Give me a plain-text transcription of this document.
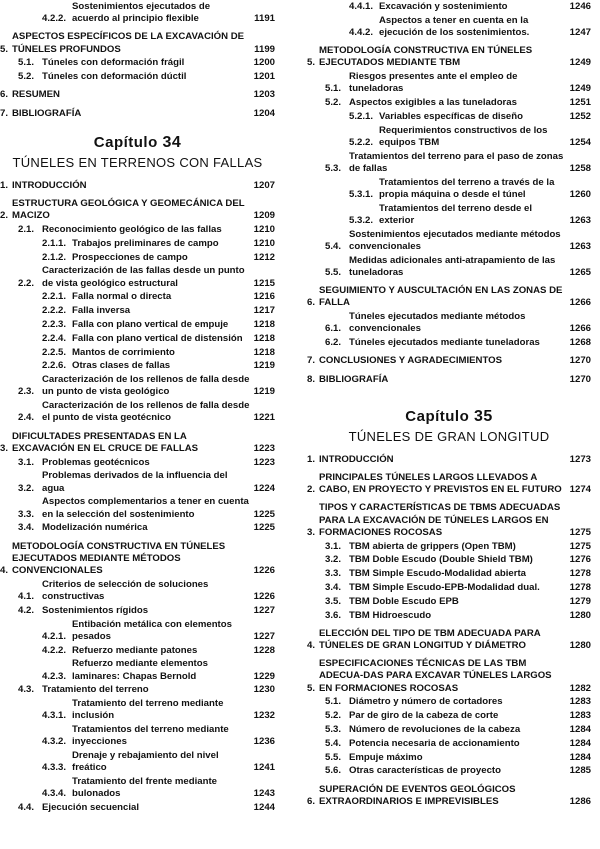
4.2.2.
Sostenimientos ejecutados de acuerdo al principio flexible	1191
5.
ASPECTOS ESPECÍFICOS DE LA EXCAVACIÓN DE TÚNELES PROFUNDOS	1199
5.1. Túneles con deformación frágil	1200
5.2. Túneles con deformación dúctil	1201
6. RESUMEN	1203
7. BIBLIOGRAFÍA	1204
Capítulo 34
TÚNELES EN TERRENOS CON FALLAS
1. INTRODUCCIÓN	1207
2.
ESTRUCTURA GEOLÓGICA Y GEOMECÁNICA DEL MACIZO	1209
2.1. Reconocimiento geológico de las fallas	1210
2.1.1. Trabajos preliminares de campo	1210
2.1.2. Prospecciones de campo	1212
2.2.
Caracterización de las fallas desde un punto de vista geológico estructural	1215
2.2.1. Falla normal o directa	1216
2.2.2. Falla inversa	1217
2.2.3. Falla con plano vertical de empuje	1218
2.2.4. Falla con plano vertical de distensión	1218
2.2.5. Mantos de corrimiento	1218
2.2.6. Otras clases de fallas	1219
2.3.
Caracterización de los rellenos de falla desde un punto de vista geológico	1219
2.4.
Caracterización de los rellenos de falla desde el punto de vista geotécnico	1221
3.
DIFICULTADES PRESENTADAS EN LA EXCAVACIÓN EN EL CRUCE DE FALLAS	1223
3.1. Problemas geotécnicos	1223
3.2.
Problemas derivados de la influencia del agua	1224
3.3.
Aspectos complementarios a tener en cuenta en la selección del sostenimiento	1225
3.4. Modelización numérica	1225
4.
METODOLOGÍA CONSTRUCTIVA EN TÚNELES EJECUTADOS MEDIANTE MÉTODOS CONVENCIONALES	1226
4.1.
Criterios de selección de soluciones constructivas	1226
4.2. Sostenimientos rígidos	1227
4.2.1.
Entibación metálica con elementos pesados	1227
4.2.2. Refuerzo mediante patones	1228
4.2.3.
Refuerzo mediante elementos laminares: Chapas Bernold	1229
4.3. Tratamiento del terreno	1230
4.3.1.
Tratamiento del terreno mediante inclusión	1232
4.3.2.
Tratamientos del terreno mediante inyecciones	1236
4.3.3.
Drenaje y rebajamiento del nivel freático	1241
4.3.4.
Tratamiento del frente mediante bulonados	1243
4.4. Ejecución secuencial	1244
4.4.1. Excavación y sostenimiento	1246
4.4.2.
Aspectos a tener en cuenta en la ejecución de los sostenimientos.	1247
5.
METODOLOGÍA CONSTRUCTIVA EN TÚNELES EJECUTADOS MEDIANTE TBM	1249
5.1.
Riesgos presentes ante el empleo de tuneladoras	1249
5.2. Aspectos exigibles a las tuneladoras	1251
5.2.1. Variables específicas de diseño	1252
5.2.2.
Requerimientos constructivos de los equipos TBM	1254
5.3.
Tratamientos del terreno para el paso de zonas de fallas	1258
5.3.1.
Tratamientos del terreno a través de la propia máquina o desde el túnel	1260
5.3.2.
Tratamientos del terreno desde el exterior	1263
5.4.
Sostenimientos ejecutados mediante métodos convencionales	1263
5.5.
Medidas adicionales anti-atrapamiento de las tuneladoras	1265
6.
SEGUIMIENTO Y AUSCULTACIÓN EN LAS ZONAS DE FALLA	1266
6.1.
Túneles ejecutados mediante métodos convencionales	1266
6.2. Túneles ejecutados mediante tuneladoras	1268
7. CONCLUSIONES Y AGRADECIMIENTOS	1270
8. BIBLIOGRAFÍA	1270
Capítulo 35
TÚNELES DE GRAN LONGITUD
1. INTRODUCCIÓN	1273
2.
PRINCIPALES TÚNELES LARGOS LLEVADOS A CABO, EN PROYECTO Y PREVISTOS EN EL FUTURO 1274
3.
TIPOS Y CARACTERÍSTICAS DE TBMS ADECUADAS PARA LA EXCAVACIÓN DE TÚNELES LARGOS EN FORMACIONES ROCOSAS	1275
3.1. TBM abierta de grippers (Open TBM)	1275
3.2. TBM Doble Escudo (Double Shield TBM)	1276
3.3. TBM Simple Escudo-Modalidad abierta	1278
3.4. TBM Simple Escudo-EPB-Modalidad dual.	1278
3.5. TBM Doble Escudo EPB	1279
3.6. TBM Hidroescudo	1280
4.
ELECCIÓN DEL TIPO DE TBM ADECUADA PARA TÚNELES DE GRAN LONGITUD Y DIÁMETRO	1280
5.
ESPECIFICACIONES TÉCNICAS DE LAS TBM ADECUA-DAS PARA EXCAVAR TÚNELES LARGOS EN FORMACIONES ROCOSAS	1282
5.1. Diámetro y número de cortadores	1283
5.2. Par de giro de la cabeza de corte	1283
5.3. Número de revoluciones de la cabeza	1284
5.4. Potencia necesaria de accionamiento	1284
5.5. Empuje máximo	1284
5.6. Otras características de proyecto	1285
6.
SUPERACIÓN DE EVENTOS GEOLÓGICOS EXTRAORDINARIOS E IMPREVISIBLES	1286
